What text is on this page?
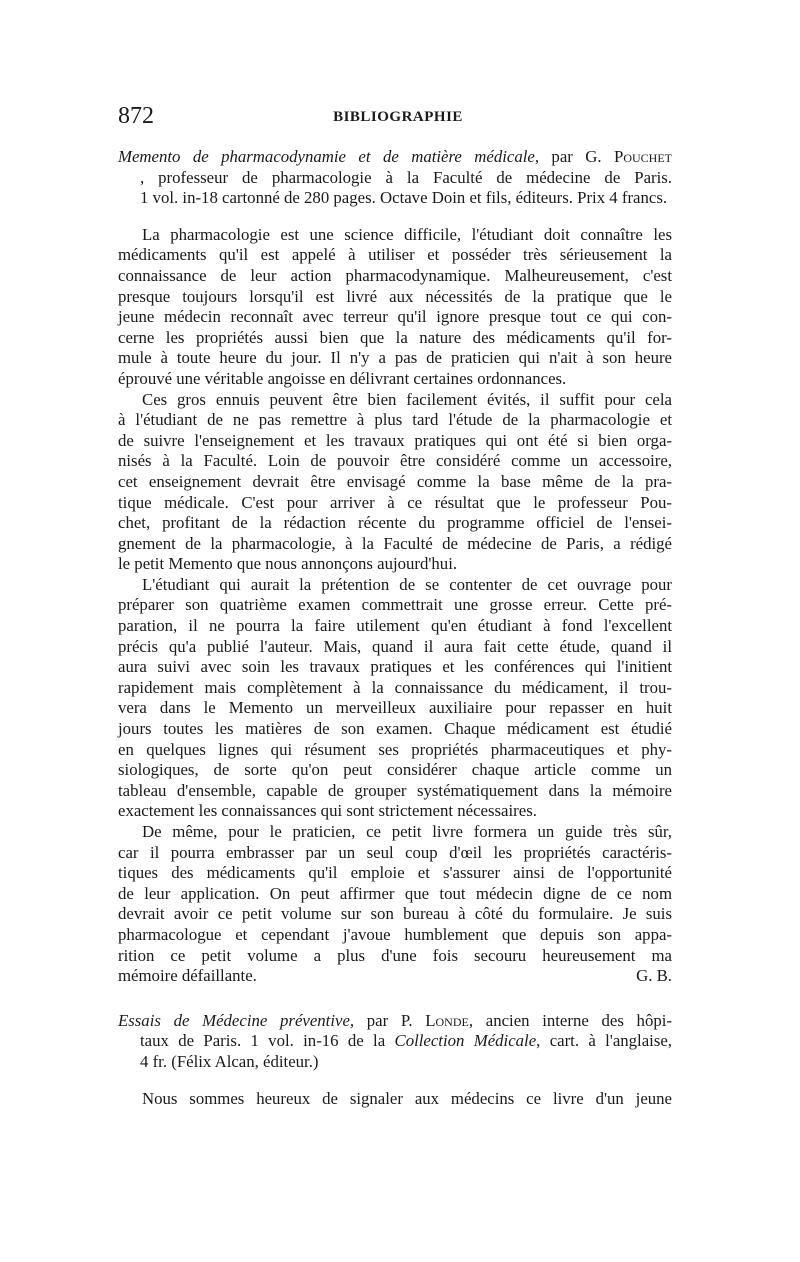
872	BIBLIOGRAPHIE
Memento de pharmacodynamie et de matière médicale, par G. Pouchet
, professeur de pharmacologie à la Faculté de médecine de Paris.
1 vol. in-18 cartonné de 280 pages. Octave Doin et fils, éditeurs. Prix 4 francs.
La pharmacologie est une science difficile, l'étudiant doit connaître les
médicaments qu'il est appelé à utiliser et posséder très sérieusement la
connaissance de leur action pharmacodynamique. Malheureusement, c'est
presque toujours lorsqu'il est livré aux nécessités de la pratique que le
jeune médecin reconnaît avec terreur qu'il ignore presque tout ce qui con-
cerne les propriétés aussi bien que la nature des médicaments qu'il for-
mule à toute heure du jour. Il n'y a pas de praticien qui n'ait à son heure
éprouvé une véritable angoisse en délivrant certaines ordonnances.
Ces gros ennuis peuvent être bien facilement évités, il suffit pour cela
à l'étudiant de ne pas remettre à plus tard l'étude de la pharmacologie et
de suivre l'enseignement et les travaux pratiques qui ont été si bien orga-
nisés à la Faculté. Loin de pouvoir être considéré comme un accessoire,
cet enseignement devrait être envisagé comme la base même de la pra-
tique médicale. C'est pour arriver à ce résultat que le professeur Pou-
chet, profitant de la rédaction récente du programme officiel de l'ensei-
gnement de la pharmacologie, à la Faculté de médecine de Paris, a rédigé
le petit Memento que nous annonçons aujourd'hui.
L'étudiant qui aurait la prétention de se contenter de cet ouvrage pour
préparer son quatrième examen commettrait une grosse erreur. Cette pré-
paration, il ne pourra la faire utilement qu'en étudiant à fond l'excellent
précis qu'a publié l'auteur. Mais, quand il aura fait cette étude, quand il
aura suivi avec soin les travaux pratiques et les conférences qui l'initient
rapidement mais complètement à la connaissance du médicament, il trou-
vera dans le Memento un merveilleux auxiliaire pour repasser en huit
jours toutes les matières de son examen. Chaque médicament est étudié
en quelques lignes qui résument ses propriétés pharmaceutiques et phy-
siologiques, de sorte qu'on peut considérer chaque article comme un
tableau d'ensemble, capable de grouper systématiquement dans la mémoire
exactement les connaissances qui sont strictement nécessaires.
De même, pour le praticien, ce petit livre formera un guide très sûr,
car il pourra embrasser par un seul coup d'œil les propriétés caractéris-
tiques des médicaments qu'il emploie et s'assurer ainsi de l'opportunité
de leur application. On peut affirmer que tout médecin digne de ce nom
devrait avoir ce petit volume sur son bureau à côté du formulaire. Je suis
pharmacologue et cependant j'avoue humblement que depuis son appa-
rition ce petit volume a plus d'une fois secouru heureusement ma
mémoire défaillante.	G. B.
Essais de Médecine préventive, par P. Londe, ancien interne des hôpi-
taux de Paris. 1 vol. in-16 de la Collection Médicale, cart. à l'anglaise,
4 fr. (Félix Alcan, éditeur.)
Nous sommes heureux de signaler aux médecins ce livre d'un jeune
